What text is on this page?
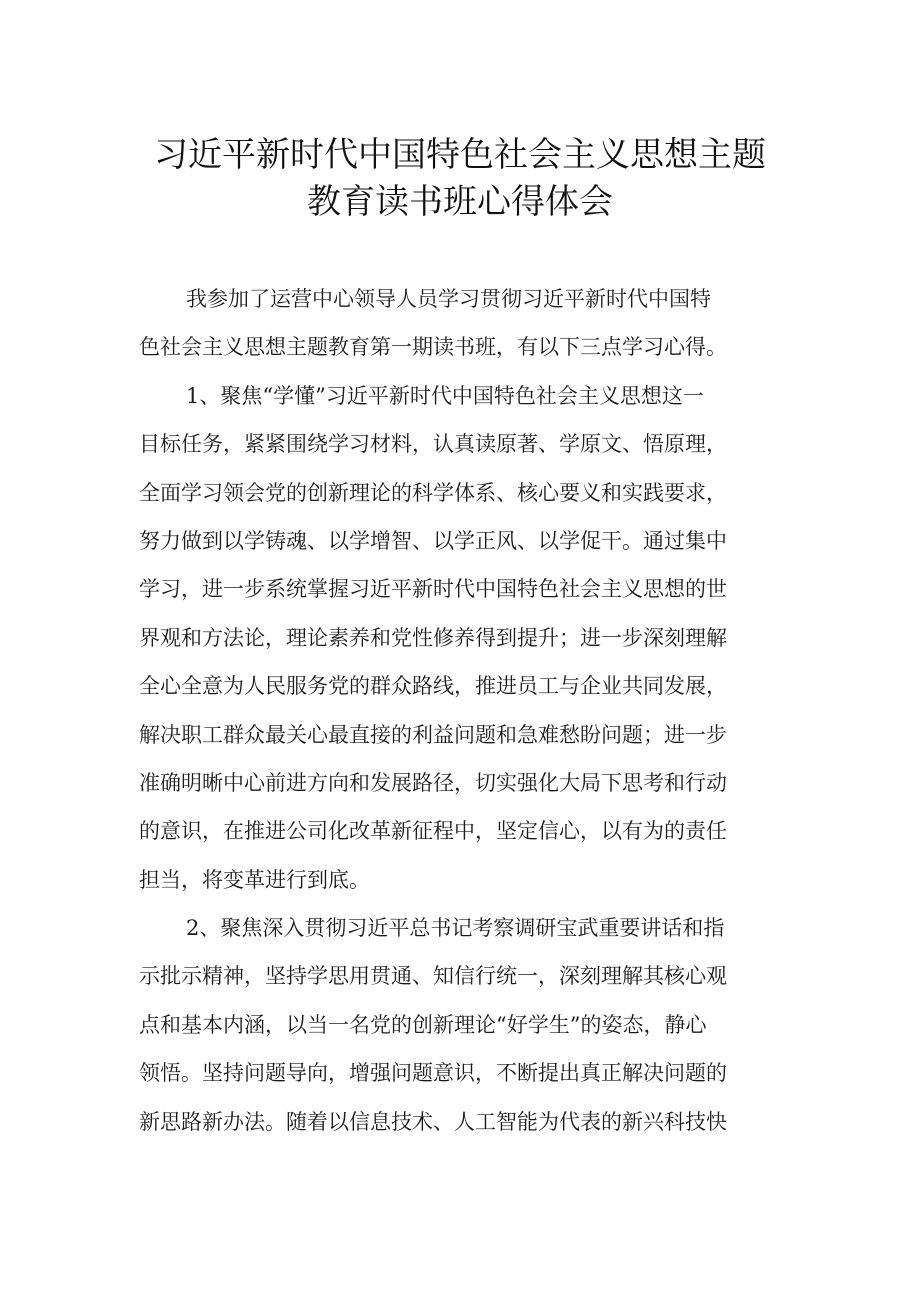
习近平新时代中国特色社会主义思想主题
教育读书班心得体会
我参加了运营中心领导人员学习贯彻习近平新时代中国特
色社会主义思想主题教育第一期读书班，有以下三点学习心得。
1、聚焦“学懂”习近平新时代中国特色社会主义思想这一
目标任务，紧紧围绕学习材料，认真读原著、学原文、悟原理，
全面学习领会党的创新理论的科学体系、核心要义和实践要求，
努力做到以学铸魂、以学增智、以学正风、以学促干。通过集中
学习，进一步系统掌握习近平新时代中国特色社会主义思想的世
界观和方法论，理论素养和党性修养得到提升；进一步深刻理解
全心全意为人民服务党的群众路线，推进员工与企业共同发展，
解决职工群众最关心最直接的利益问题和急难愁盼问题；进一步
准确明晰中心前进方向和发展路径，切实强化大局下思考和行动
的意识，在推进公司化改革新征程中，坚定信心，以有为的责任
担当，将变革进行到底。
2、聚焦深入贯彻习近平总书记考察调研宝武重要讲话和指
示批示精神，坚持学思用贯通、知信行统一，深刻理解其核心观
点和基本内涵，以当一名党的创新理论“好学生”的姿态，静心
领悟。坚持问题导向，增强问题意识，不断提出真正解决问题的
新思路新办法。随着以信息技术、人工智能为代表的新兴科技快
